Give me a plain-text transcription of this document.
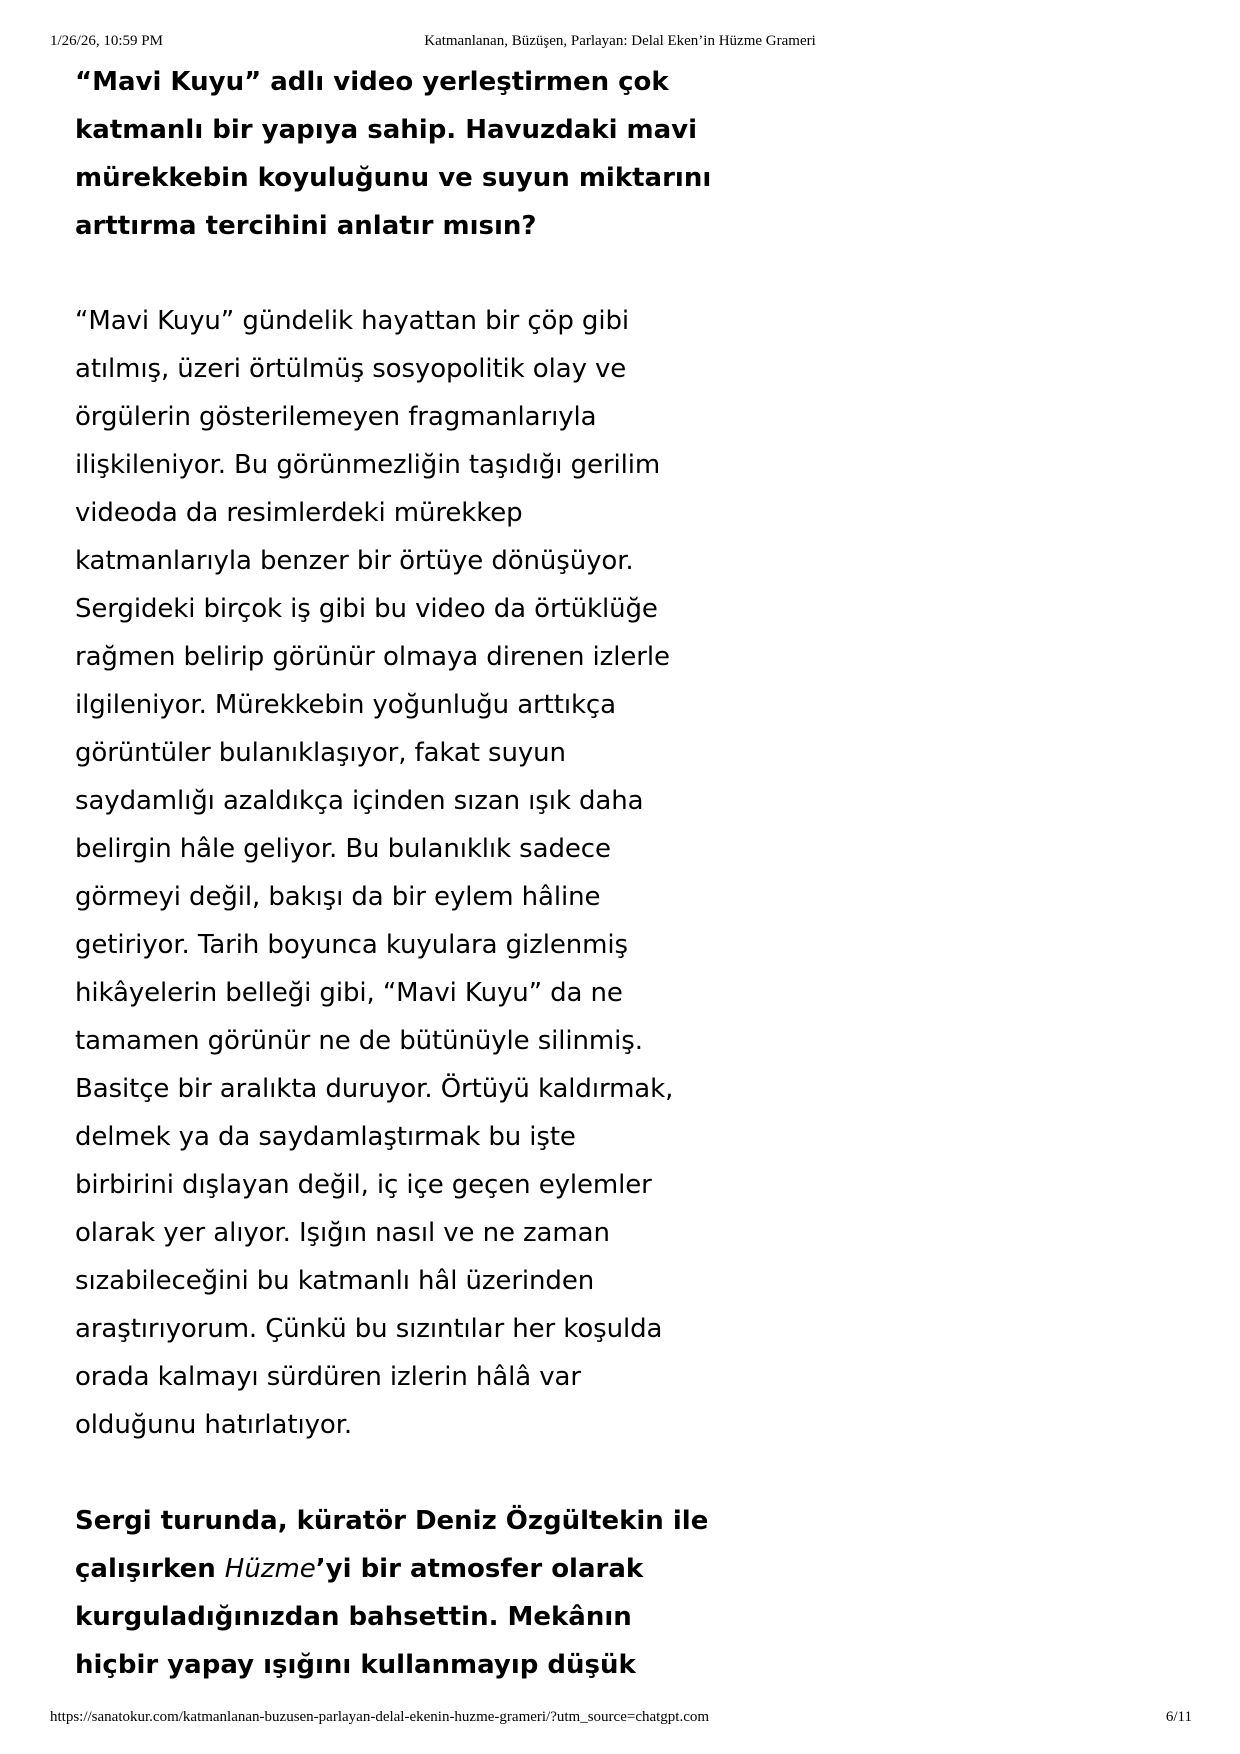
1/26/26, 10:59 PM	Katmanlanan, Büzüşen, Parlayan: Delal Eken’in Hüzme Grameri

“Mavi Kuyu” adlı video yerleştirmen çok
katmanlı bir yapıya sahip. Havuzdaki mavi
mürekkebin koyuluğunu ve suyun miktarını
arttırma tercihini anlatır mısın?

“Mavi Kuyu” gündelik hayattan bir çöp gibi
atılmış, üzeri örtülmüş sosyopolitik olay ve
örgülerin gösterilemeyen fragmanlarıyla
ilişkileniyor. Bu görünmezliğin taşıdığı gerilim
videoda da resimlerdeki mürekkep
katmanlarıyla benzer bir örtüye dönüşüyor.
Sergideki birçok iş gibi bu video da örtüklüğe
rağmen belirip görünür olmaya direnen izlerle
ilgileniyor. Mürekkebin yoğunluğu arttıkça
görüntüler bulanıklaşıyor, fakat suyun
saydamlığı azaldıkça içinden sızan ışık daha
belirgin hâle geliyor. Bu bulanıklık sadece
görmeyi değil, bakışı da bir eylem hâline
getiriyor. Tarih boyunca kuyulara gizlenmiş
hikâyelerin belleği gibi, “Mavi Kuyu” da ne
tamamen görünür ne de bütünüyle silinmiş.
Basitçe bir aralıkta duruyor. Örtüyü kaldırmak,
delmek ya da saydamlaştırmak bu işte
birbirini dışlayan değil, iç içe geçen eylemler
olarak yer alıyor. Işığın nasıl ve ne zaman
sızabileceğini bu katmanlı hâl üzerinden
araştırıyorum. Çünkü bu sızıntılar her koşulda
orada kalmayı sürdüren izlerin hâlâ var
olduğunu hatırlatıyor.

Sergi turunda, küratör Deniz Özgültekin ile
çalışırken Hüzme’yi bir atmosfer olarak
kurguladığınızdan bahsettin. Mekânın
hiçbir yapay ışığını kullanmayıp düşük

https://sanatokur.com/katmanlanan-buzusen-parlayan-delal-ekenin-huzme-grameri/?utm_source=chatgpt.com	6/11
